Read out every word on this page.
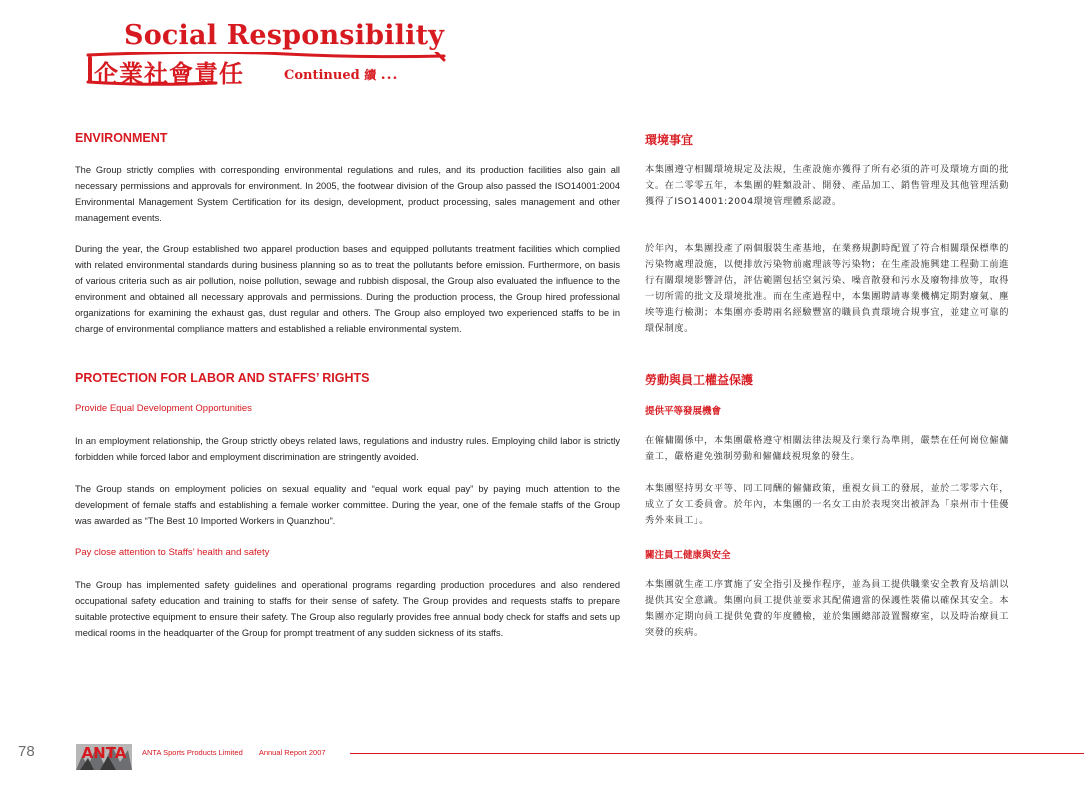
Social Responsibility
企業社會責任	Continued 續 ...
ENVIRONMENT

The Group strictly complies with corresponding environmental regulations and rules, and its production facilities also gain all necessary permissions and approvals for environment. In 2005, the footwear division of the Group also passed the ISO14001:2004 Environmental Management System Certification for its design, development, product processing, sales management and other management events.

During the year, the Group established two apparel production bases and equipped pollutants treatment facilities which complied with related environmental standards during business planning so as to treat the pollutants before emission. Furthermore, on basis of various criteria such as air pollution, noise pollution, sewage and rubbish disposal, the Group also evaluated the influence to the environment and obtained all necessary approvals and permissions. During the production process, the Group hired professional organizations for examining the exhaust gas, dust regular and others. The Group also employed two experienced staffs to be in charge of environmental compliance matters and established a reliable environmental system.

PROTECTION FOR LABOR AND STAFFS’ RIGHTS
Provide Equal Development Opportunities

In an employment relationship, the Group strictly obeys related laws, regulations and industry rules. Employing child labor is strictly forbidden while forced labor and employment discrimination are stringently avoided.

The Group stands on employment policies on sexual equality and “equal work equal pay” by paying much attention to the development of female staffs and establishing a female worker committee. During the year, one of the female staffs of the Group was awarded as “The Best 10 Imported Workers in Quanzhou”.

Pay close attention to Staffs’ health and safety

The Group has implemented safety guidelines and operational programs regarding production procedures and also rendered occupational safety education and training to staffs for their sense of safety. The Group provides and requests staffs to prepare suitable protective equipment to ensure their safety. The Group also regularly provides free annual body check for staffs and sets up medical rooms in the headquarter of the Group for prompt treatment of any sudden sickness of its staffs.

環境事宜

本集團遵守相關環境規定及法規，生產設施亦獲得了所有必須的許可及環境方面的批文。在二零零五年，本集團的鞋類設計、開發、產品加工、銷售管理及其他管理活動獲得了ISO14001:2004環境管理體系認證。

於年內，本集團投產了兩個服裝生產基地，在業務規劃時配置了符合相關環保標準的污染物處理設施，以便排放污染物前處理該等污染物；在生產設施興建工程動工前進行有關環境影響評估，評估範圍包括空氣污染、噪音散發和污水及廢物排放等，取得一切所需的批文及環境批准。而在生產過程中，本集團聘請專業機構定期對廢氣、塵埃等進行檢測；本集團亦委聘兩名經驗豐富的職員負責環境合規事宜，並建立可靠的環保制度。

勞動與員工權益保護
提供平等發展機會

在僱傭關係中，本集團嚴格遵守相關法律法規及行業行為準則，嚴禁在任何崗位僱傭童工，嚴格避免強制勞動和僱傭歧視現象的發生。

本集團堅持男女平等、同工同酬的僱傭政策，重視女員工的發展，並於二零零六年，成立了女工委員會。於年內，本集團的一名女工由於表現突出被評為「泉州市十佳優秀外來員工」。

關注員工健康與安全

本集團就生產工序實施了安全指引及操作程序，並為員工提供職業安全教育及培訓以提供其安全意識。集團向員工提供並要求其配備適當的保護性裝備以確保其安全。本集團亦定期向員工提供免費的年度體檢，並於集團總部設置醫療室，以及時治療員工突發的疾病。

78	ANTA ANTA Sports Products Limited Annual Report 2007
